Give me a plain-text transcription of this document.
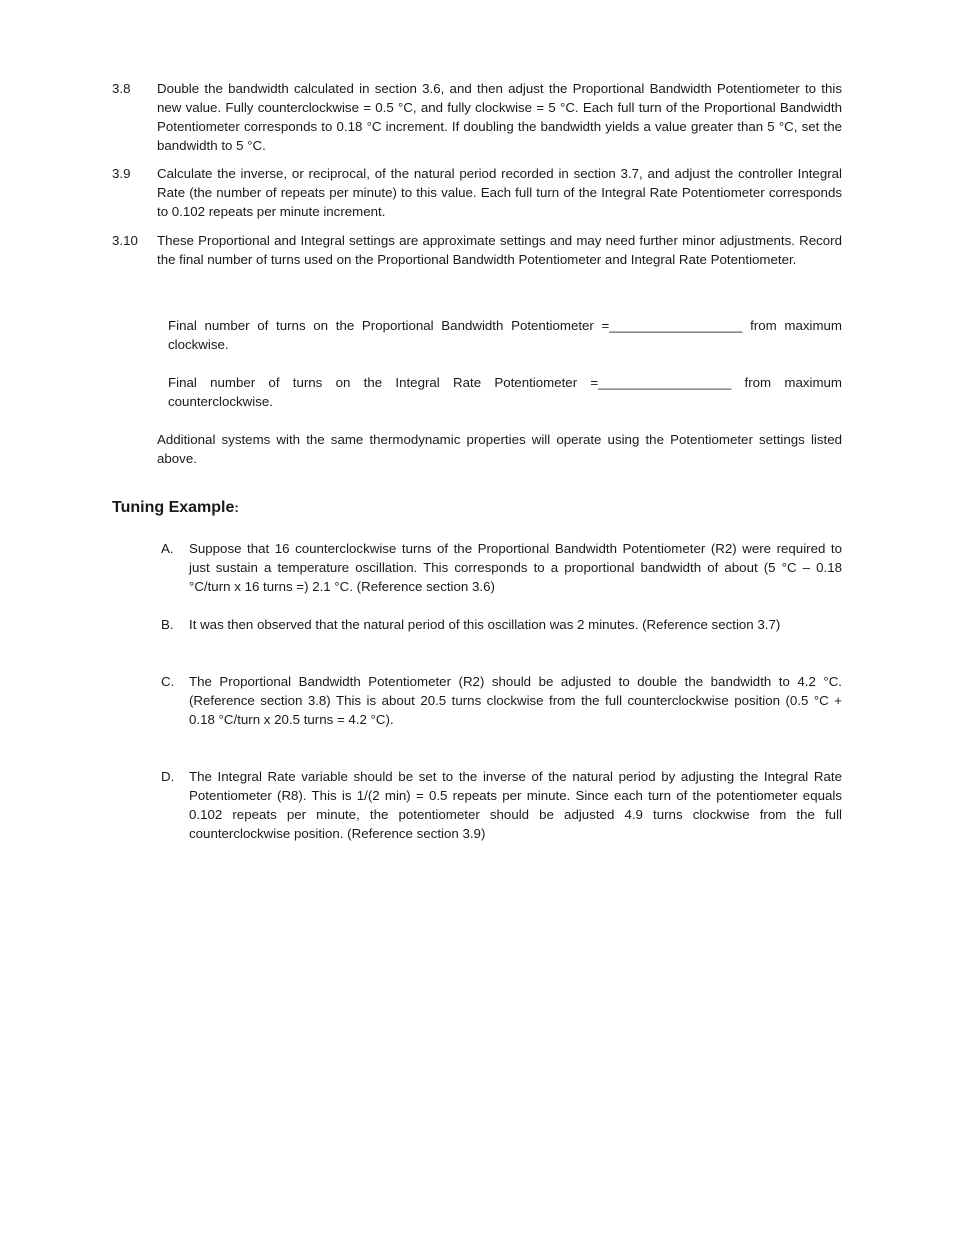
3.8 Double the bandwidth calculated in section 3.6, and then adjust the Proportional Bandwidth Potentiometer to this new value. Fully counterclockwise = 0.5 °C, and fully clockwise = 5 °C. Each full turn of the Proportional Bandwidth Potentiometer corresponds to 0.18 °C increment. If doubling the bandwidth yields a value greater than 5 °C, set the bandwidth to 5 °C.

3.9 Calculate the inverse, or reciprocal, of the natural period recorded in section 3.7, and adjust the controller Integral Rate (the number of repeats per minute) to this value. Each full turn of the Integral Rate Potentiometer corresponds to 0.102 repeats per minute increment.

3.10 These Proportional and Integral settings are approximate settings and may need further minor adjustments. Record the final number of turns used on the Proportional Bandwidth Potentiometer and Integral Rate Potentiometer.

Final number of turns on the Proportional Bandwidth Potentiometer =__________________ from maximum clockwise.

Final number of turns on the Integral Rate Potentiometer =__________________ from maximum counterclockwise.

Additional systems with the same thermodynamic properties will operate using the Potentiometer settings listed above.

Tuning Example:
A. Suppose that 16 counterclockwise turns of the Proportional Bandwidth Potentiometer (R2) were required to just sustain a temperature oscillation. This corresponds to a proportional bandwidth of about (5 °C – 0.18 °C/turn x 16 turns =) 2.1 °C. (Reference section 3.6)

B. It was then observed that the natural period of this oscillation was 2 minutes. (Reference section 3.7)

C. The Proportional Bandwidth Potentiometer (R2) should be adjusted to double the bandwidth to 4.2 °C. (Reference section 3.8) This is about 20.5 turns clockwise from the full counterclockwise position (0.5 °C + 0.18 °C/turn x 20.5 turns = 4.2 °C).

D. The Integral Rate variable should be set to the inverse of the natural period by adjusting the Integral Rate Potentiometer (R8). This is 1/(2 min) = 0.5 repeats per minute. Since each turn of the potentiometer equals 0.102 repeats per minute, the potentiometer should be adjusted 4.9 turns clockwise from the full counterclockwise position. (Reference section 3.9)
